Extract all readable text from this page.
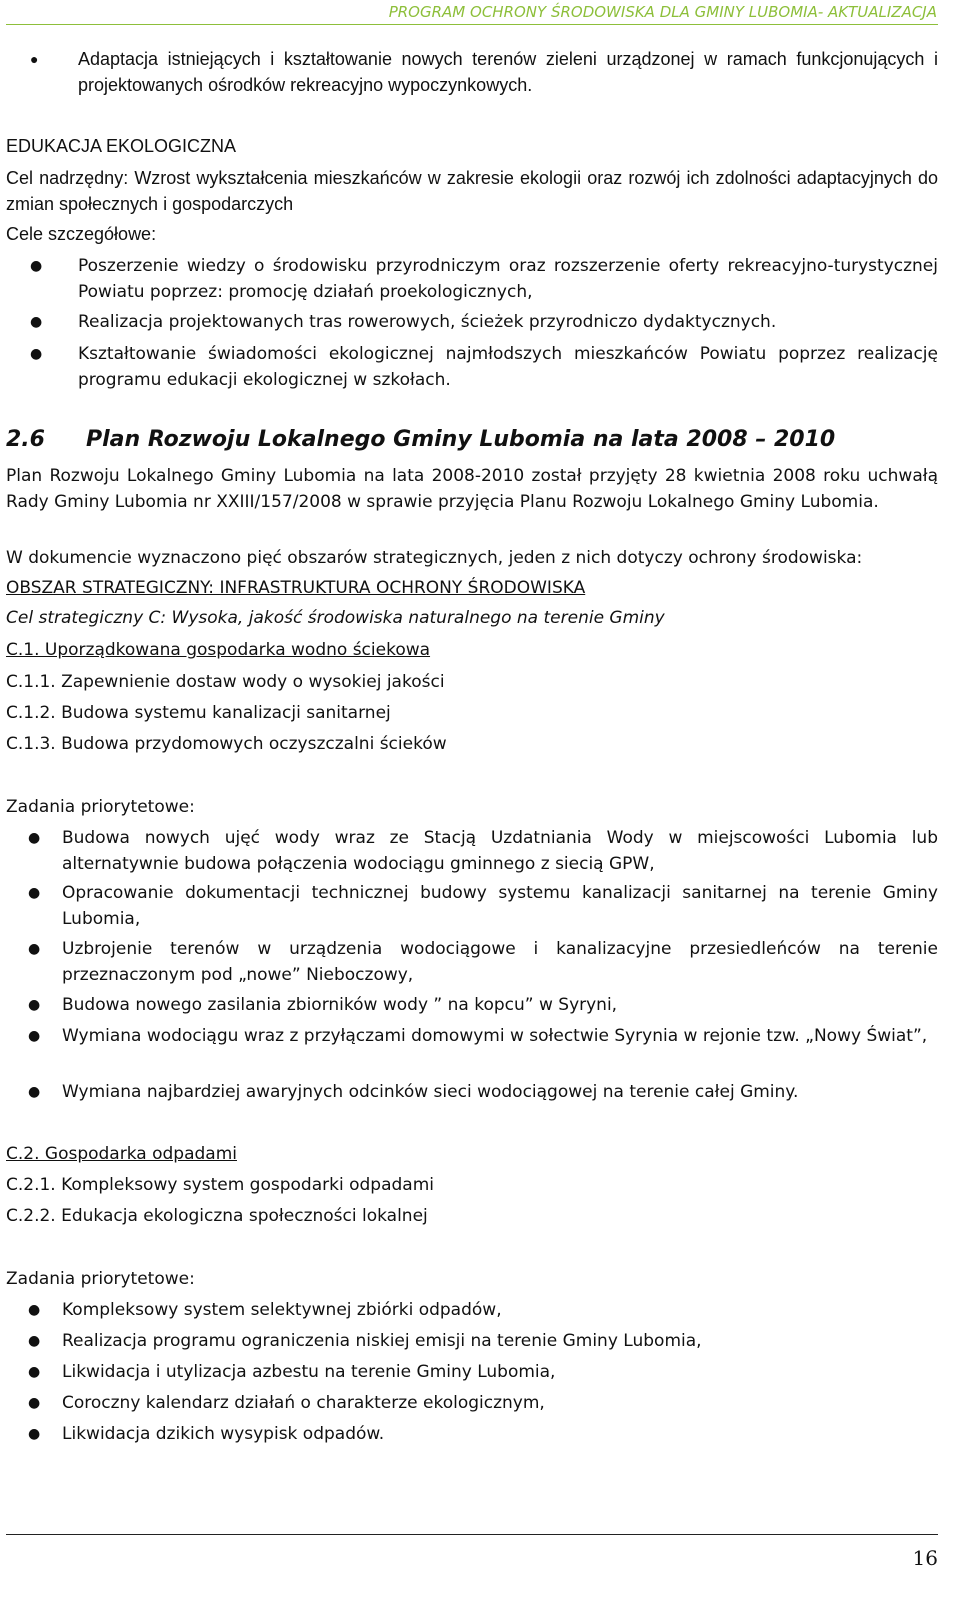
PROGRAM OCHRONY ŚRODOWISKA DLA GMINY LUBOMIA- AKTUALIZACJA
● Adaptacja istniejących i kształtowanie nowych terenów zieleni urządzonej w ramach funkcjonujących i projektowanych ośrodków rekreacyjno wypoczynkowych.
EDUKACJA EKOLOGICZNA
Cel nadrzędny: Wzrost wykształcenia mieszkańców w zakresie ekologii oraz rozwój ich zdolności adaptacyjnych do zmian społecznych i gospodarczych
Cele szczegółowe:
● Poszerzenie wiedzy o środowisku przyrodniczym oraz rozszerzenie oferty rekreacyjno-turystycznej Powiatu poprzez: promocję działań proekologicznych,
● Realizacja projektowanych tras rowerowych, ścieżek przyrodniczo dydaktycznych.
● Kształtowanie świadomości ekologicznej najmłodszych mieszkańców Powiatu poprzez realizację programu edukacji ekologicznej w szkołach.
2.6 Plan Rozwoju Lokalnego Gminy Lubomia na lata 2008 – 2010
Plan Rozwoju Lokalnego Gminy Lubomia na lata 2008-2010 został przyjęty 28 kwietnia 2008 roku uchwałą Rady Gminy Lubomia nr XXIII/157/2008 w sprawie przyjęcia Planu Rozwoju Lokalnego Gminy Lubomia.
W dokumencie wyznaczono pięć obszarów strategicznych, jeden z nich dotyczy ochrony środowiska:
OBSZAR STRATEGICZNY: INFRASTRUKTURA OCHRONY ŚRODOWISKA
Cel strategiczny C: Wysoka, jakość środowiska naturalnego na terenie Gminy
C.1. Uporządkowana gospodarka wodno ściekowa
C.1.1. Zapewnienie dostaw wody o wysokiej jakości
C.1.2. Budowa systemu kanalizacji sanitarnej
C.1.3. Budowa przydomowych oczyszczalni ścieków
Zadania priorytetowe:
● Budowa nowych ujęć wody wraz ze Stacją Uzdatniania Wody w miejscowości Lubomia lub alternatywnie budowa połączenia wodociągu gminnego z siecią GPW,
● Opracowanie dokumentacji technicznej budowy systemu kanalizacji sanitarnej na terenie Gminy Lubomia,
● Uzbrojenie terenów w urządzenia wodociągowe i kanalizacyjne przesiedleńców na terenie przeznaczonym pod „nowe” Nieboczowy,
● Budowa nowego zasilania zbiorników wody ” na kopcu” w Syryni,
● Wymiana wodociągu wraz z przyłączami domowymi w sołectwie Syrynia w rejonie tzw. „Nowy Świat”,
● Wymiana najbardziej awaryjnych odcinków sieci wodociągowej na terenie całej Gminy.
C.2. Gospodarka odpadami
C.2.1. Kompleksowy system gospodarki odpadami
C.2.2. Edukacja ekologiczna społeczności lokalnej
Zadania priorytetowe:
● Kompleksowy system selektywnej zbiórki odpadów,
● Realizacja programu ograniczenia niskiej emisji na terenie Gminy Lubomia,
● Likwidacja i utylizacja azbestu na terenie Gminy Lubomia,
● Coroczny kalendarz działań o charakterze ekologicznym,
● Likwidacja dzikich wysypisk odpadów.
16
